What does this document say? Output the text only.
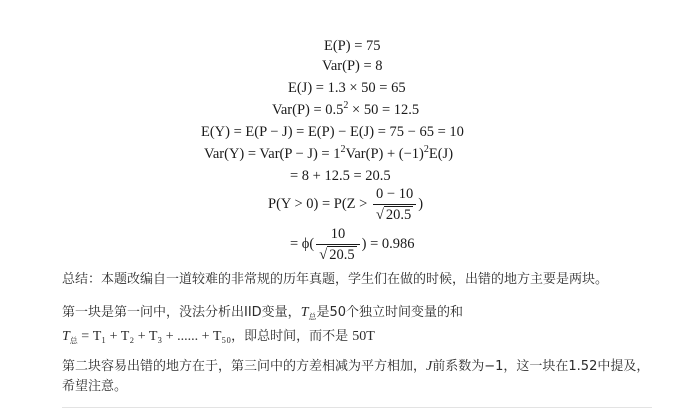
E(P) = 75
Var(P) = 8
E(J) = 1.3 × 50 = 65
$Var(P) = 0.5^2 \times 50 = 12.5$
E(Y) = E(P − J) = E(P) − E(J) = 75 − 65 = 10
$Var(Y) = Var(P - J) = 1^2Var(P) + (-1)^2E(J)$
= 8 + 12.5 = 20.5
$P(Y > 0) = P(Z > \frac{0 - 10}{√ 20.5}$ )
= $\phi( \frac{10}{√ 20.5}$ ) = 0.986
总结：本题改编自一道较难的非常规的历年真题，学生们在做的时候，出错的地方主要是两块。
第一块是第一问中，没法分析出IID变量，$T_总$是50个独立时间变量的和
$T_总 = T_1 + T_2 + T_3$ + ...... + T₅₀，即总时间，而不是 50T
第二块容易出错的地方在于，第三问中的方差相减为平方相加，J前系数为−1，这一块在1.52中提及，
希望注意。
